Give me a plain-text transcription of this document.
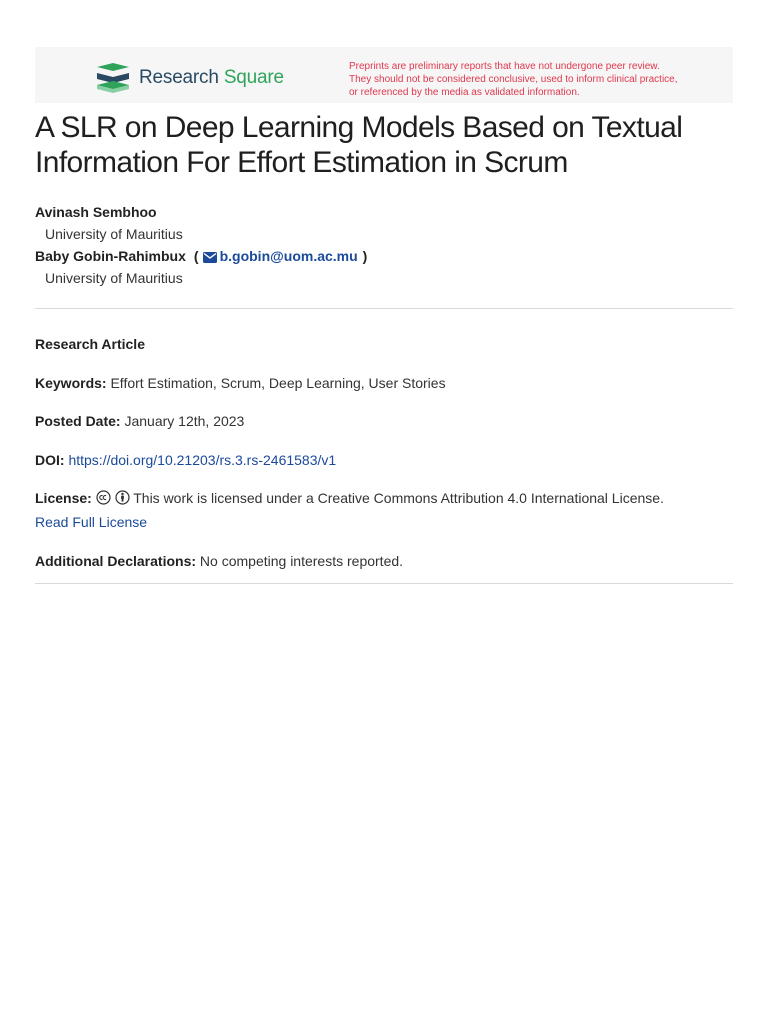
Research Square
Preprints are preliminary reports that have not undergone peer review.
They should not be considered conclusive, used to inform clinical practice,
or referenced by the media as validated information.
A SLR on Deep Learning Models Based on Textual Information For Effort Estimation in Scrum
Avinash Sembhoo
University of Mauritius
Baby Gobin-Rahimbux (	b.gobin@uom.ac.mu )
University of Mauritius
Research Article
Keywords: Effort Estimation, Scrum, Deep Learning, User Stories
Posted Date: January 12th, 2023
DOI: https://doi.org/10.21203/rs.3.rs-2461583/v1
License:	This work is licensed under a Creative Commons Attribution 4.0 International License.
Read Full License
Additional Declarations: No competing interests reported.
